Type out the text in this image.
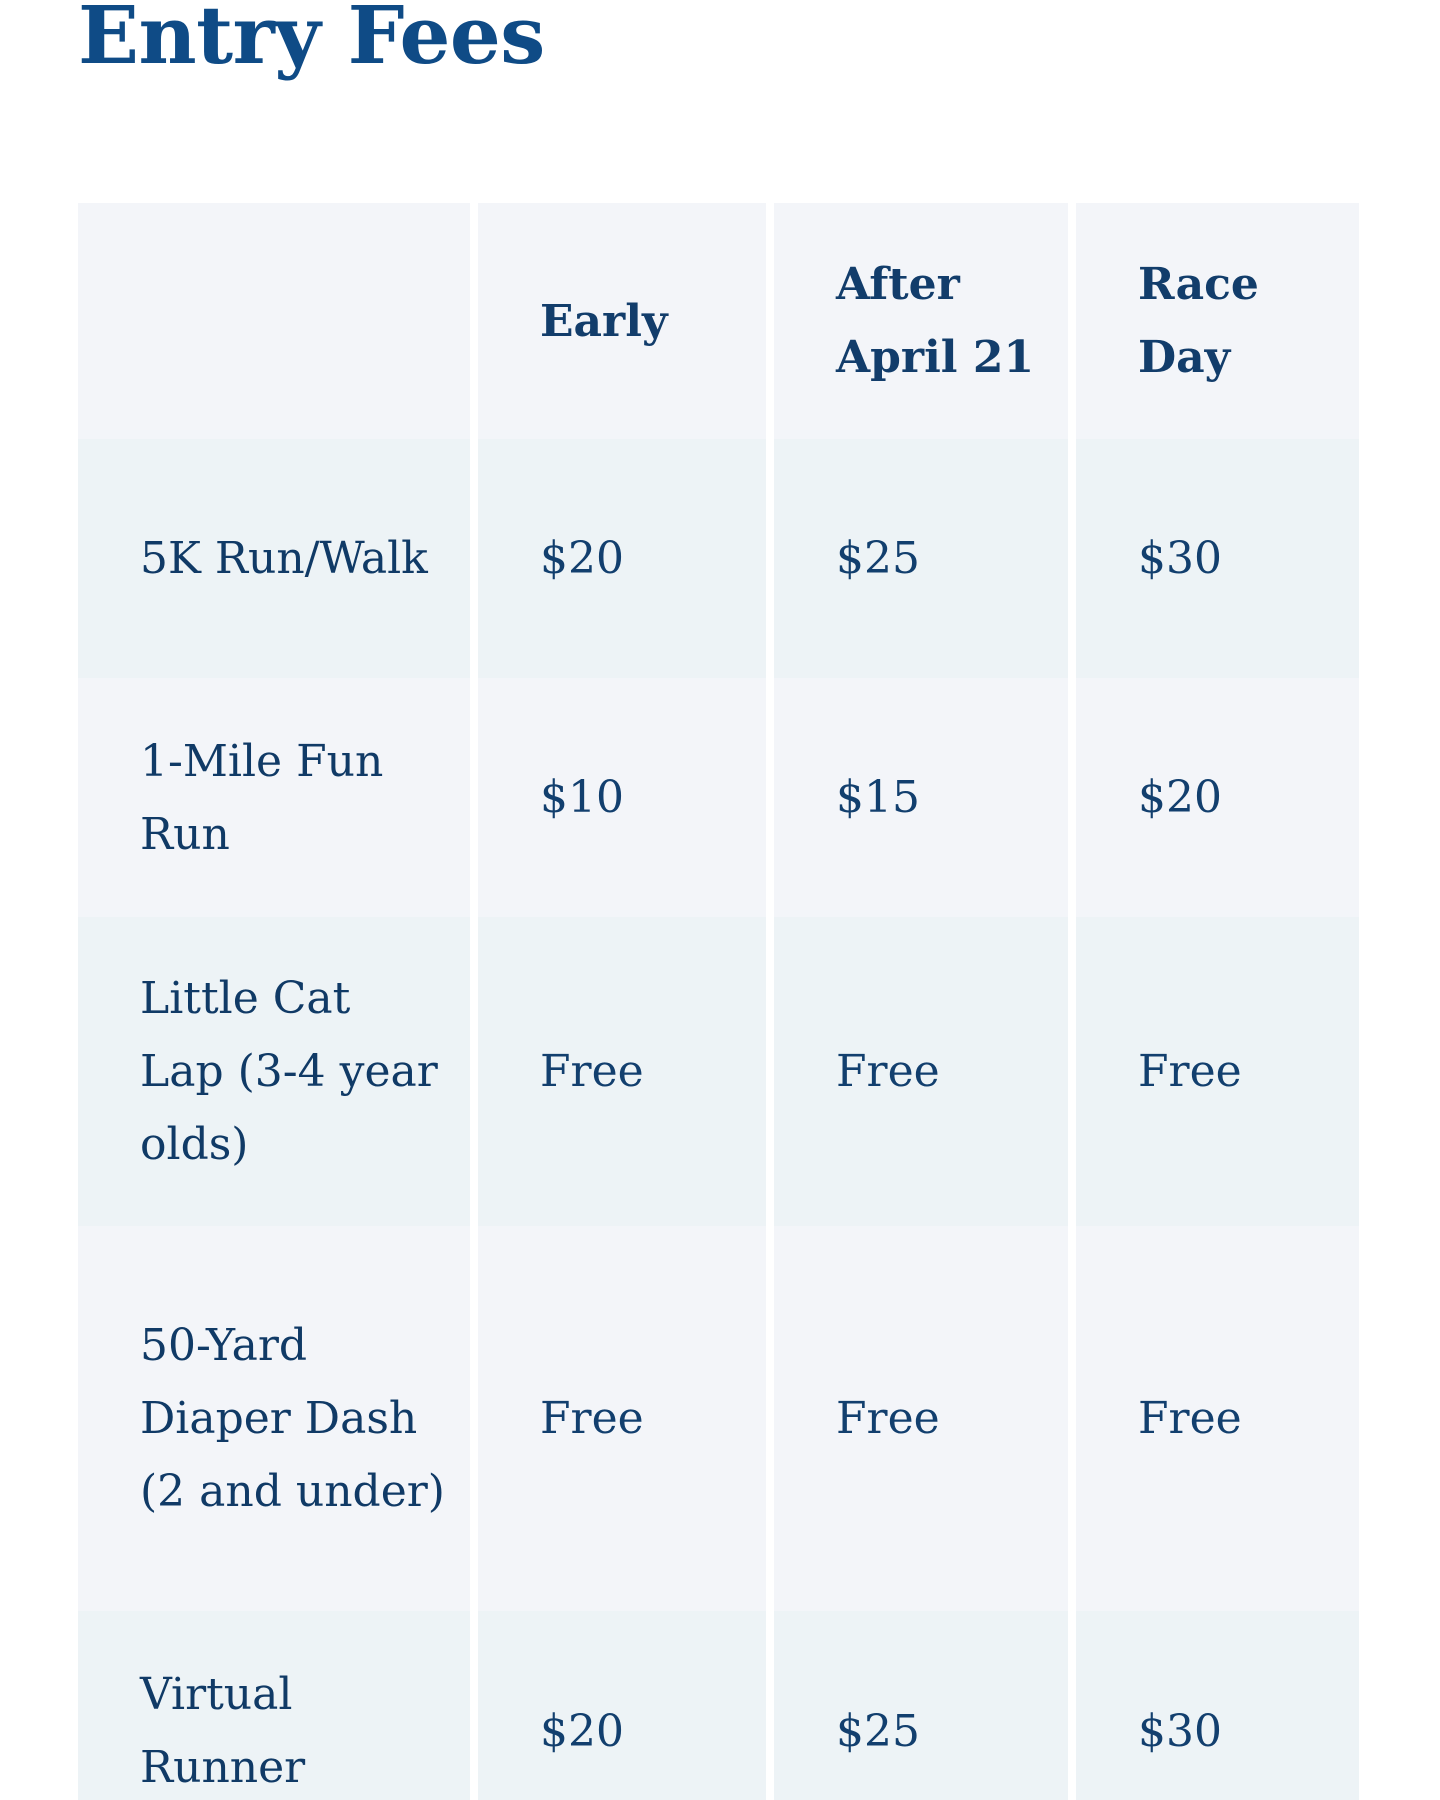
Entry Fees
	Early	After April 21	Race Day
5K Run/Walk	$20	$25	$30
1-Mile Fun Run	$10	$15	$20
Little Cat Lap (3-4 year olds)	Free	Free	Free
50-Yard Diaper Dash (2 and under)	Free	Free	Free
Virtual Runner	$20	$25	$30
